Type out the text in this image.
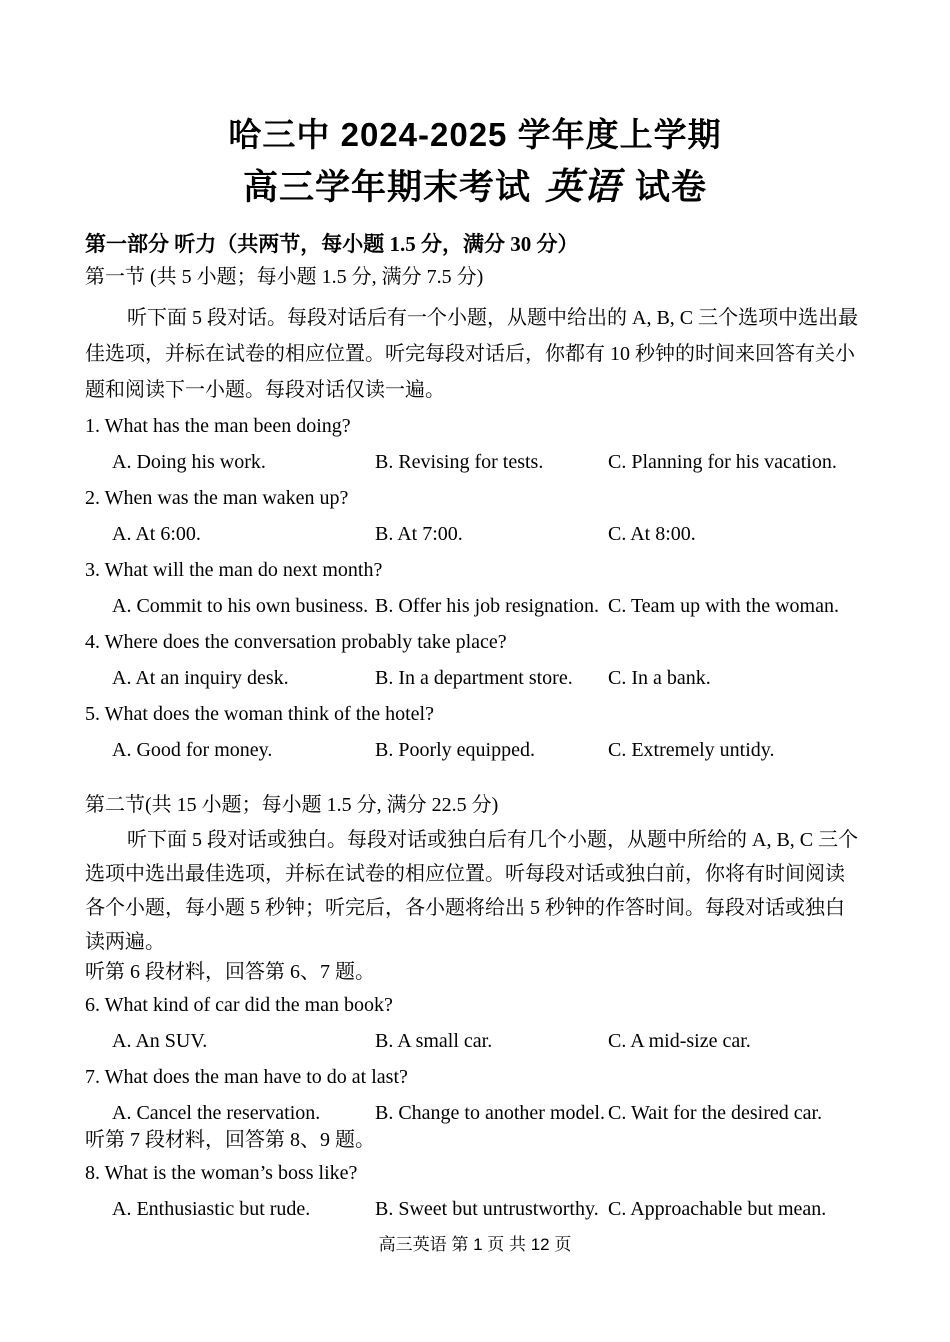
哈三中 2024-2025 学年度上学期
高三学年期末考试 英语 试卷
第一部分 听力（共两节，每小题 1.5 分，满分 30 分）
第一节 (共 5 小题；每小题 1.5 分, 满分 7.5 分)
听下面 5 段对话。每段对话后有一个小题，从题中给出的 A, B, C 三个选项中选出最
佳选项，并标在试卷的相应位置。听完每段对话后，你都有 10 秒钟的时间来回答有关小
题和阅读下一小题。每段对话仅读一遍。
1. What has the man been doing?
A. Doing his work.	B. Revising for tests.	C. Planning for his vacation.
2. When was the man waken up?
A. At 6:00.	B. At 7:00.	C. At 8:00.
3. What will the man do next month?
A. Commit to his own business. B. Offer his job resignation. C. Team up with the woman.
4. Where does the conversation probably take place?
A. At an inquiry desk.	B. In a department store.	C. In a bank.
5. What does the woman think of the hotel?
A. Good for money.	B. Poorly equipped.	C. Extremely untidy.
第二节(共 15 小题；每小题 1.5 分, 满分 22.5 分)
听下面 5 段对话或独白。每段对话或独白后有几个小题，从题中所给的 A, B, C 三个
选项中选出最佳选项，并标在试卷的相应位置。听每段对话或独白前，你将有时间阅读
各个小题，每小题 5 秒钟；听完后，各小题将给出 5 秒钟的作答时间。每段对话或独白
读两遍。
听第 6 段材料，回答第 6、7 题。
6. What kind of car did the man book?
A. An SUV.	B. A small car.	C. A mid-size car.
7. What does the man have to do at last?
A. Cancel the reservation.	B. Change to another model. C. Wait for the desired car.
听第 7 段材料，回答第 8、9 题。
8. What is the woman’s boss like?
A. Enthusiastic but rude.	B. Sweet but untrustworthy. C. Approachable but mean.
高三英语 第 1 页 共 12 页
